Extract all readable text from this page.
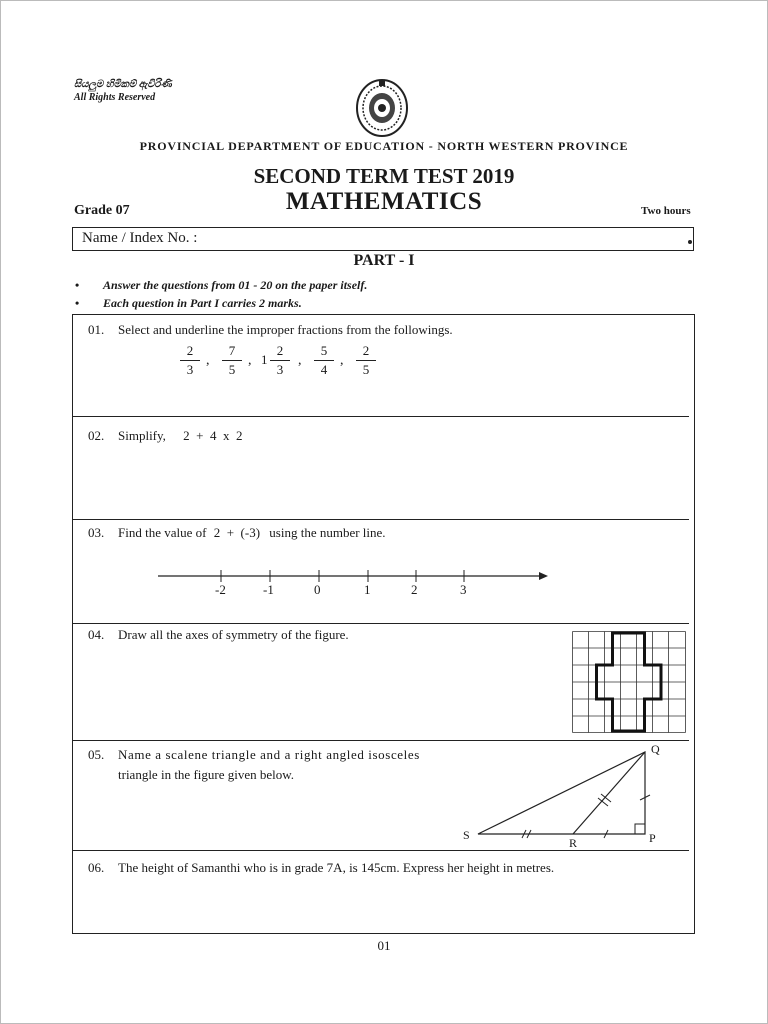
සියලුම හිමිකම් ඇවිරිණි
All Rights Reserved
PROVINCIAL DEPARTMENT OF EDUCATION - NORTH WESTERN PROVINCE
SECOND TERM TEST 2019
MATHEMATICS
Grade 07	Two hours
Name / Index No. :
PART - I
• Answer the questions from 01 - 20 on the paper itself.
• Each question in Part I carries 2 marks.
01. Select and underline the improper fractions from the followings.
$\frac{2}{3}$ , $\frac{7}{5}$ , $1 \frac{2}{3}$ , $\frac{5}{4}$ , $\frac{2}{5}$
02. Simplify, 2  +  4  x  2
03. Find the value of 2  +  (-3) using the number line.
-2	-1	0	1	2	3
04. Draw all the axes of symmetry of the figure.
05. Name a scalene triangle and a right angled isosceles
triangle in the figure given below.
Q
S
R	P
06. The height of Samanthi who is in grade 7A, is 145cm. Express her height in metres.
01
